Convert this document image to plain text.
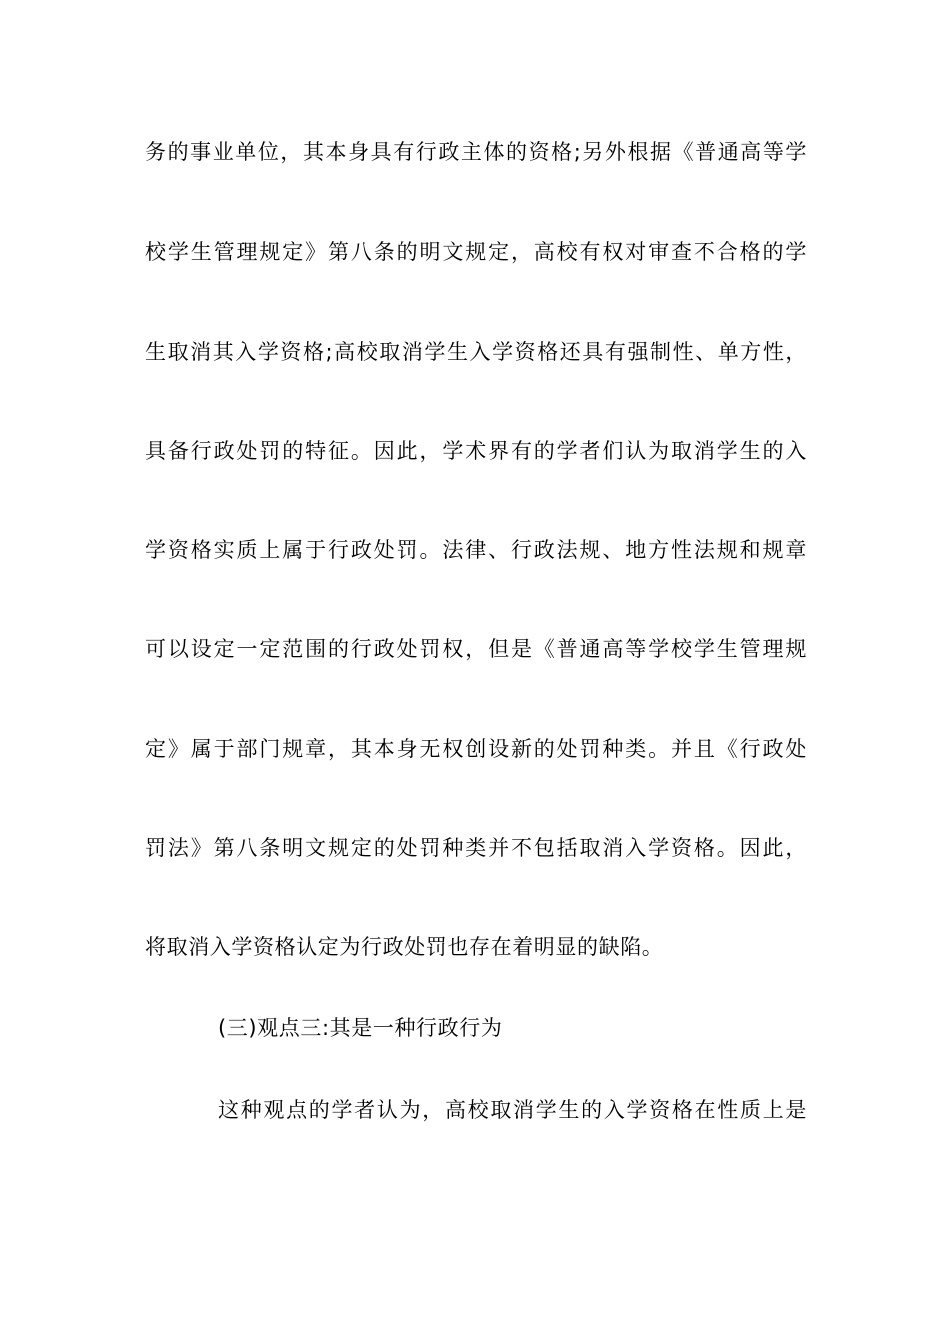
务的事业单位，其本身具有行政主体的资格;另外根据《普通高等学
校学生管理规定》第八条的明文规定，高校有权对审查不合格的学
生取消其入学资格;高校取消学生入学资格还具有强制性、单方性，
具备行政处罚的特征。因此，学术界有的学者们认为取消学生的入
学资格实质上属于行政处罚。法律、行政法规、地方性法规和规章
可以设定一定范围的行政处罚权，但是《普通高等学校学生管理规
定》属于部门规章，其本身无权创设新的处罚种类。并且《行政处
罚法》第八条明文规定的处罚种类并不包括取消入学资格。因此，
将取消入学资格认定为行政处罚也存在着明显的缺陷。
(三)观点三:其是一种行政行为
这种观点的学者认为，高校取消学生的入学资格在性质上是
